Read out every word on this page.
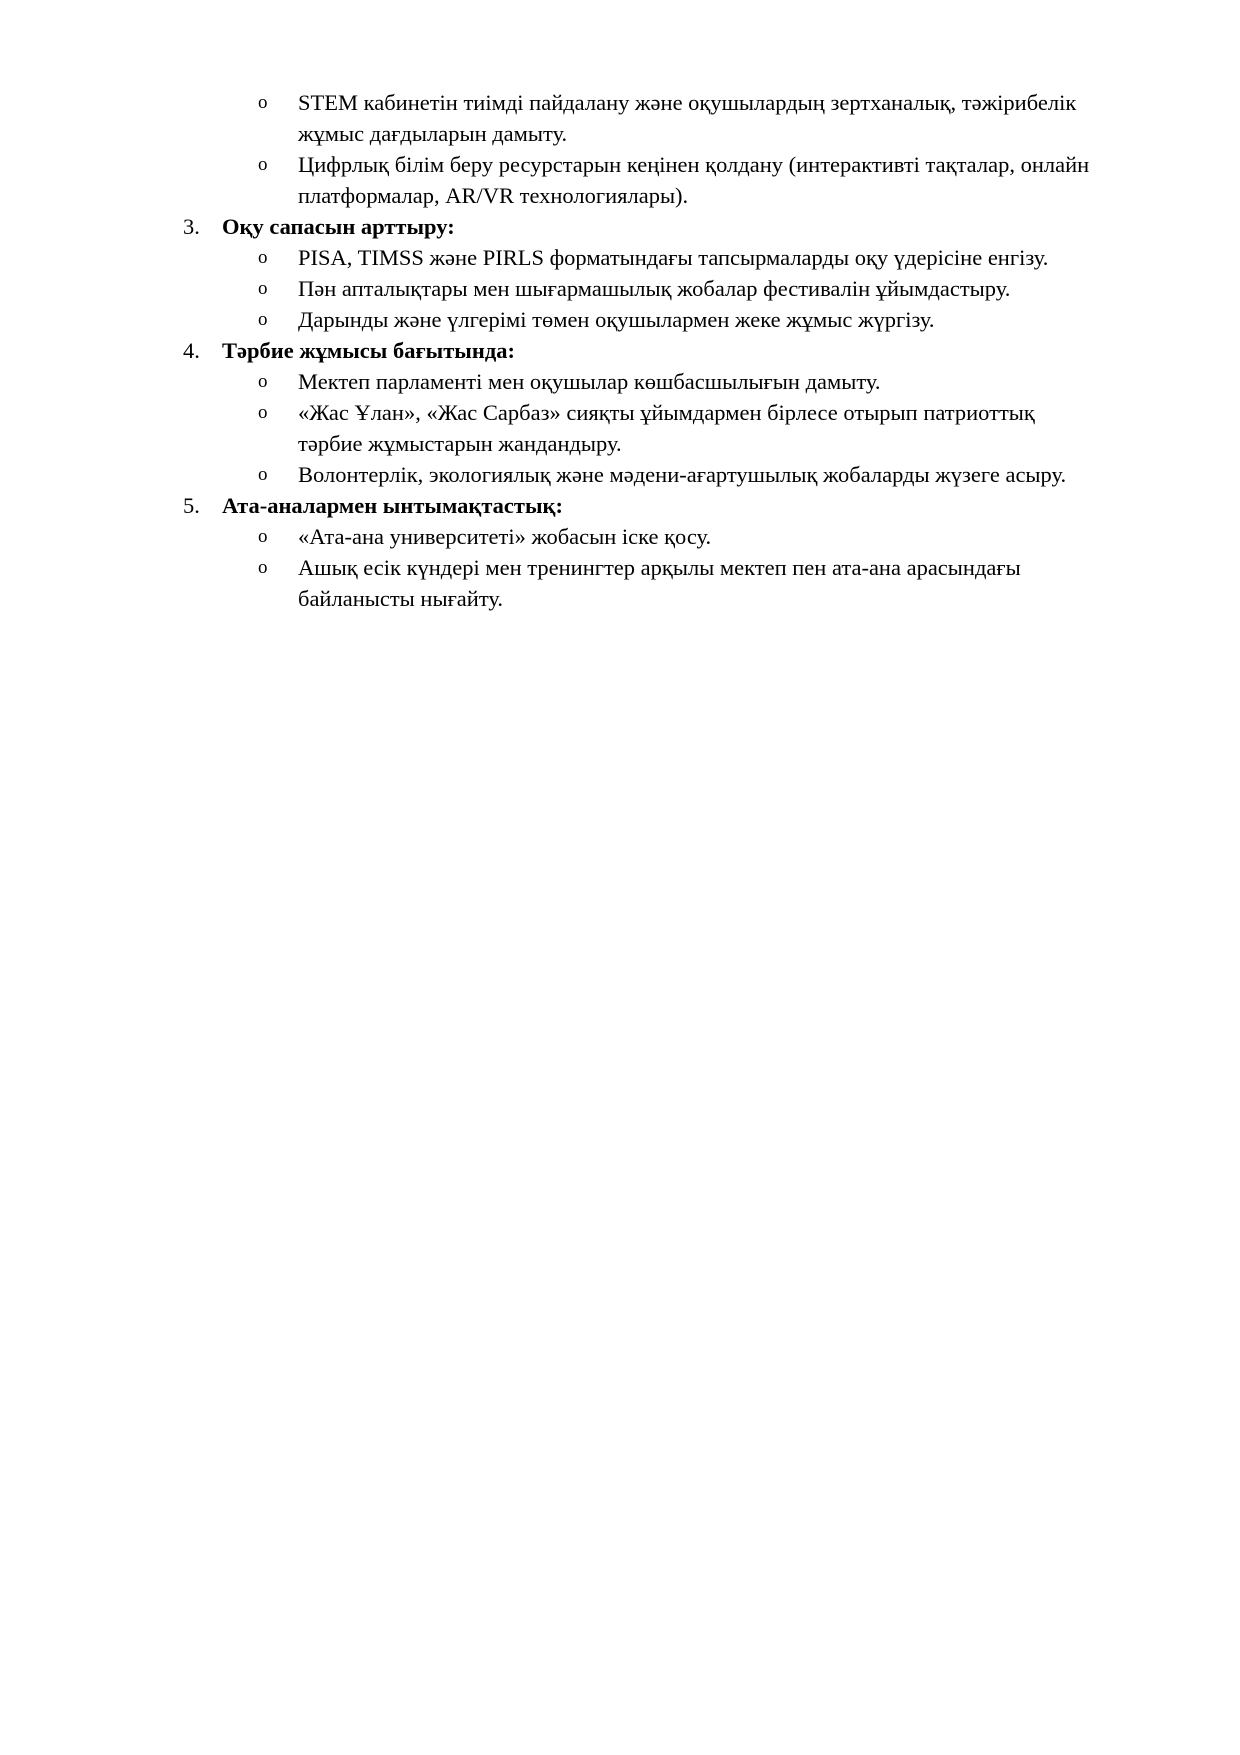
o STEM кабинетін тиімді пайдалану және оқушылардың зертханалық, тәжірибелік
жұмыс дағдыларын дамыту.
o Цифрлық білім беру ресурстарын кеңінен қолдану (интерактивті тақталар, онлайн
платформалар, AR/VR технологиялары).
3. Оқу сапасын арттыру:
o PISA, TIMSS және PIRLS форматындағы тапсырмаларды оқу үдерісіне енгізу.
o Пән апталықтары мен шығармашылық жобалар фестивалін ұйымдастыру.
o Дарынды және үлгерімі төмен оқушылармен жеке жұмыс жүргізу.
4. Тәрбие жұмысы бағытында:
o Мектеп парламенті мен оқушылар көшбасшылығын дамыту.
o «Жас Ұлан», «Жас Сарбаз» сияқты ұйымдармен бірлесе отырып патриоттық
тәрбие жұмыстарын жандандыру.
o Волонтерлік, экологиялық және мәдени-ағартушылық жобаларды жүзеге асыру.
5. Ата-аналармен ынтымақтастық:
o «Ата-ана университеті» жобасын іске қосу.
o Ашық есік күндері мен тренингтер арқылы мектеп пен ата-ана арасындағы
байланысты нығайту.
